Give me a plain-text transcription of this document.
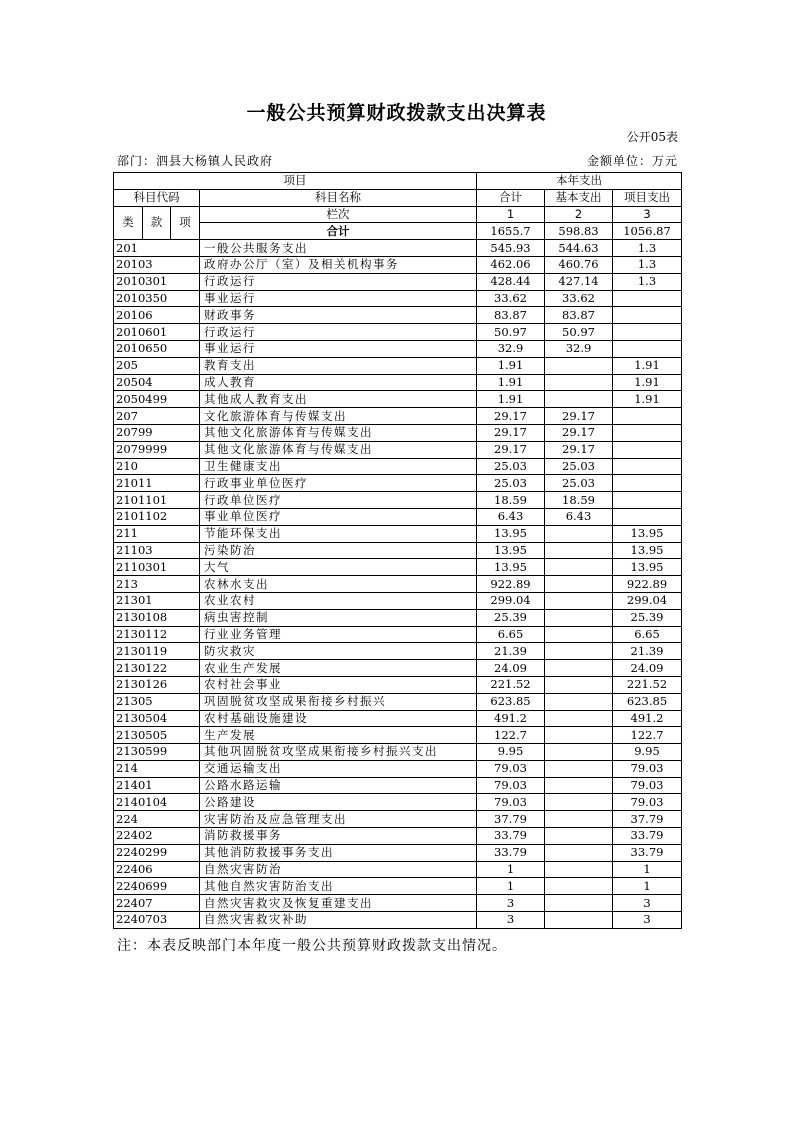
一般公共预算财政拨款支出决算表
公开05表
部门：泗县大杨镇人民政府	金额单位：万元
项目				本年支出		
科目代码			科目名称	合计	基本支出	项目支出
类	款	项	栏次	1	2	3
			合计	1655.7	598.83	1056.87
201			一般公共服务支出	545.93	544.63	1.3
20103			政府办公厅（室）及相关机构事务	462.06	460.76	1.3
2010301			行政运行	428.44	427.14	1.3
2010350			事业运行	33.62	33.62	
20106			财政事务	83.87	83.87	
2010601			行政运行	50.97	50.97	
2010650			事业运行	32.9	32.9	
205			教育支出	1.91		1.91
20504			成人教育	1.91		1.91
2050499			其他成人教育支出	1.91		1.91
207			文化旅游体育与传媒支出	29.17	29.17	
20799			其他文化旅游体育与传媒支出	29.17	29.17	
2079999			其他文化旅游体育与传媒支出	29.17	29.17	
210			卫生健康支出	25.03	25.03	
21011			行政事业单位医疗	25.03	25.03	
2101101			行政单位医疗	18.59	18.59	
2101102			事业单位医疗	6.43	6.43	
211			节能环保支出	13.95		13.95
21103			污染防治	13.95		13.95
2110301			大气	13.95		13.95
213			农林水支出	922.89		922.89
21301			农业农村	299.04		299.04
2130108			病虫害控制	25.39		25.39
2130112			行业业务管理	6.65		6.65
2130119			防灾救灾	21.39		21.39
2130122			农业生产发展	24.09		24.09
2130126			农村社会事业	221.52		221.52
21305			巩固脱贫攻坚成果衔接乡村振兴	623.85		623.85
2130504			农村基础设施建设	491.2		491.2
2130505			生产发展	122.7		122.7
2130599			其他巩固脱贫攻坚成果衔接乡村振兴支出	9.95		9.95
214			交通运输支出	79.03		79.03
21401			公路水路运输	79.03		79.03
2140104			公路建设	79.03		79.03
224			灾害防治及应急管理支出	37.79		37.79
22402			消防救援事务	33.79		33.79
2240299			其他消防救援事务支出	33.79		33.79
22406			自然灾害防治	1		1
2240699			其他自然灾害防治支出	1		1
22407			自然灾害救灾及恢复重建支出	3		3
2240703			自然灾害救灾补助	3		3
注：本表反映部门本年度一般公共预算财政拨款支出情况。
